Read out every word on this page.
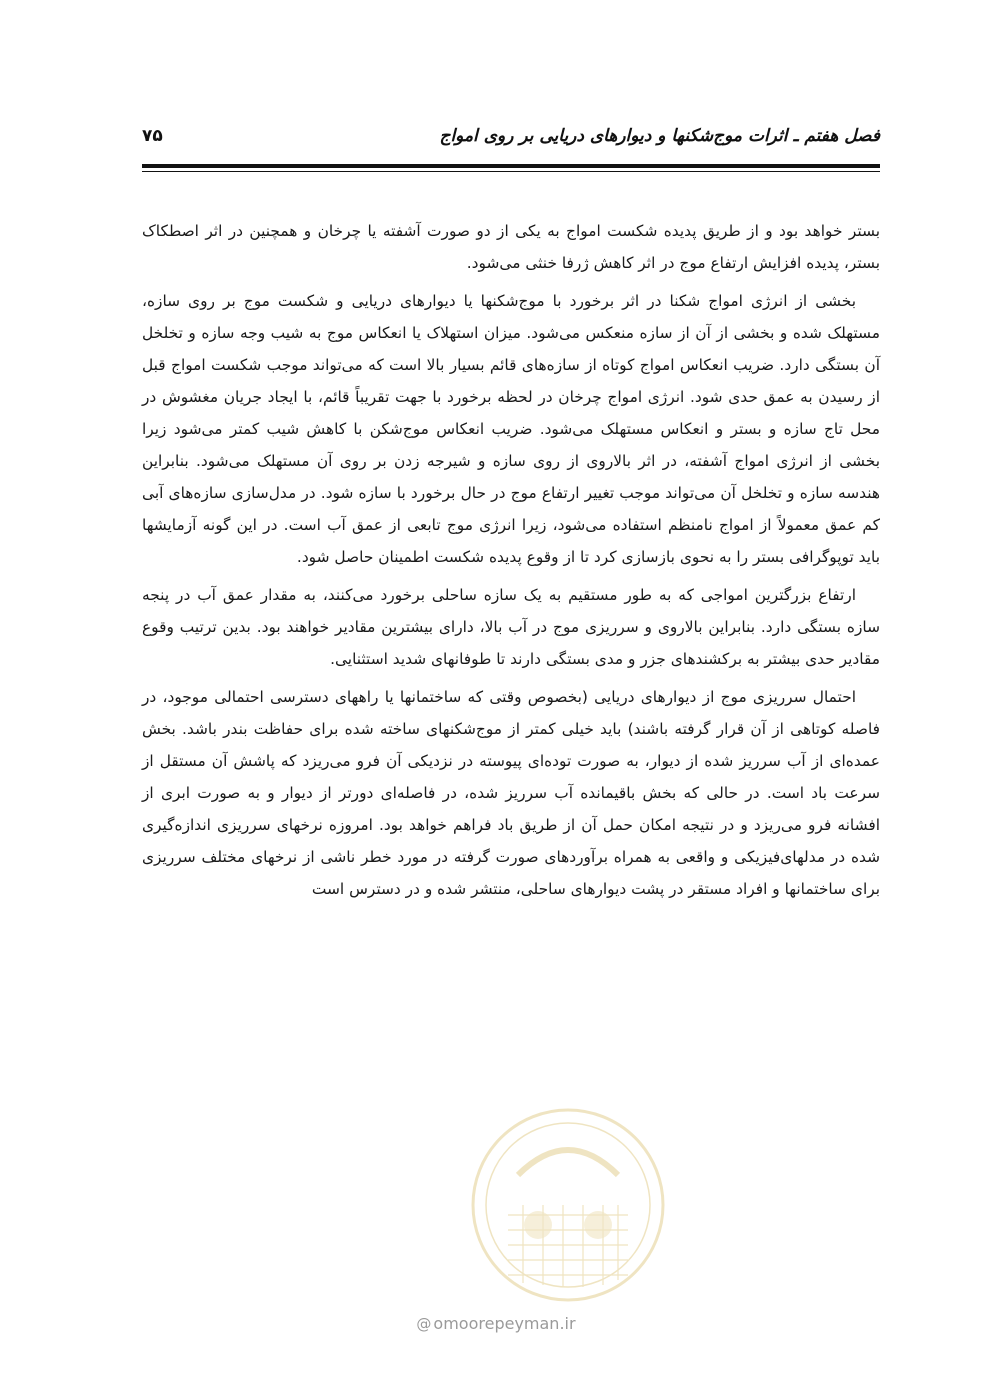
فصل هفتم ـ اثرات موج‌شکنها و دیوارهای دریایی بر روی امواج
۷۵

بستر خواهد بود و از طریق پدیده شکست امواج به یکی از دو صورت آشفته یا چرخان و همچنین در اثر اصطکاک بستر، پدیده افزایش ارتفاع موج در اثر کاهش ژرفا خنثی می‌شود.

بخشی از انرژی امواج شکنا در اثر برخورد با موج‌شکنها یا دیوارهای دریایی و شکست موج بر روی سازه، مستهلک شده و بخشی از آن از سازه منعکس می‌شود. میزان استهلاک یا انعکاس موج به شیب وجه سازه و تخلخل آن بستگی دارد. ضریب انعکاس امواج کوتاه از سازه‌های قائم بسیار بالا است که می‌تواند موجب شکست امواج قبل از رسیدن به عمق حدی شود. انرژی امواج چرخان در لحظه برخورد با جهت تقریباً قائم، با ایجاد جریان مغشوش در محل تاج سازه و بستر و انعکاس مستهلک می‌شود. ضریب انعکاس موج‌شکن با کاهش شیب کمتر می‌شود زیرا بخشی از انرژی امواج آشفته، در اثر بالاروی از روی سازه و شیرجه زدن بر روی آن مستهلک می‌شود. بنابراین هندسه سازه و تخلخل آن می‌تواند موجب تغییر ارتفاع موج در حال برخورد با سازه شود. در مدل‌سازی سازه‌های آبی کم عمق معمولاً از امواج نامنظم استفاده می‌شود، زیرا انرژی موج تابعی از عمق آب است. در این گونه آزمایشها باید توپوگرافی بستر را به نحوی بازسازی کرد تا از وقوع پدیده شکست اطمینان حاصل شود.

ارتفاع بزرگترین امواجی که به طور مستقیم به یک سازه ساحلی برخورد می‌کنند، به مقدار عمق آب در پنجه سازه بستگی دارد. بنابراین بالاروی و سرریزی موج در آب بالا، دارای بیشترین مقادیر خواهند بود. بدین ترتیب وقوع مقادیر حدی بیشتر به برکشندهای جزر و مدی بستگی دارند تا طوفانهای شدید استثنایی.

احتمال سرریزی موج از دیوارهای دریایی (بخصوص وقتی که ساختمانها یا راههای دسترسی احتمالی موجود، در فاصله کوتاهی از آن قرار گرفته باشند) باید خیلی کمتر از موج‌شکنهای ساخته شده برای حفاظت بندر باشد. بخش عمده‌ای از آب سرریز شده از دیوار، به صورت توده‌ای پیوسته در نزدیکی آن فرو می‌ریزد که پاشش آن مستقل از سرعت باد است. در حالی که بخش باقیمانده آب سرریز شده، در فاصله‌ای دورتر از دیوار و به صورت ابری از افشانه فرو می‌ریزد و در نتیجه امکان حمل آن از طریق باد فراهم خواهد بود. امروزه نرخهای سرریزی اندازه‌گیری شده در مدلهای‌فیزیکی و واقعی به همراه برآوردهای صورت گرفته در مورد خطر ناشی از نرخهای مختلف سرریزی برای ساختمانها و افراد مستقر در پشت دیوارهای ساحلی، منتشر شده و در دسترس است

@ omoorepeyman.ir
